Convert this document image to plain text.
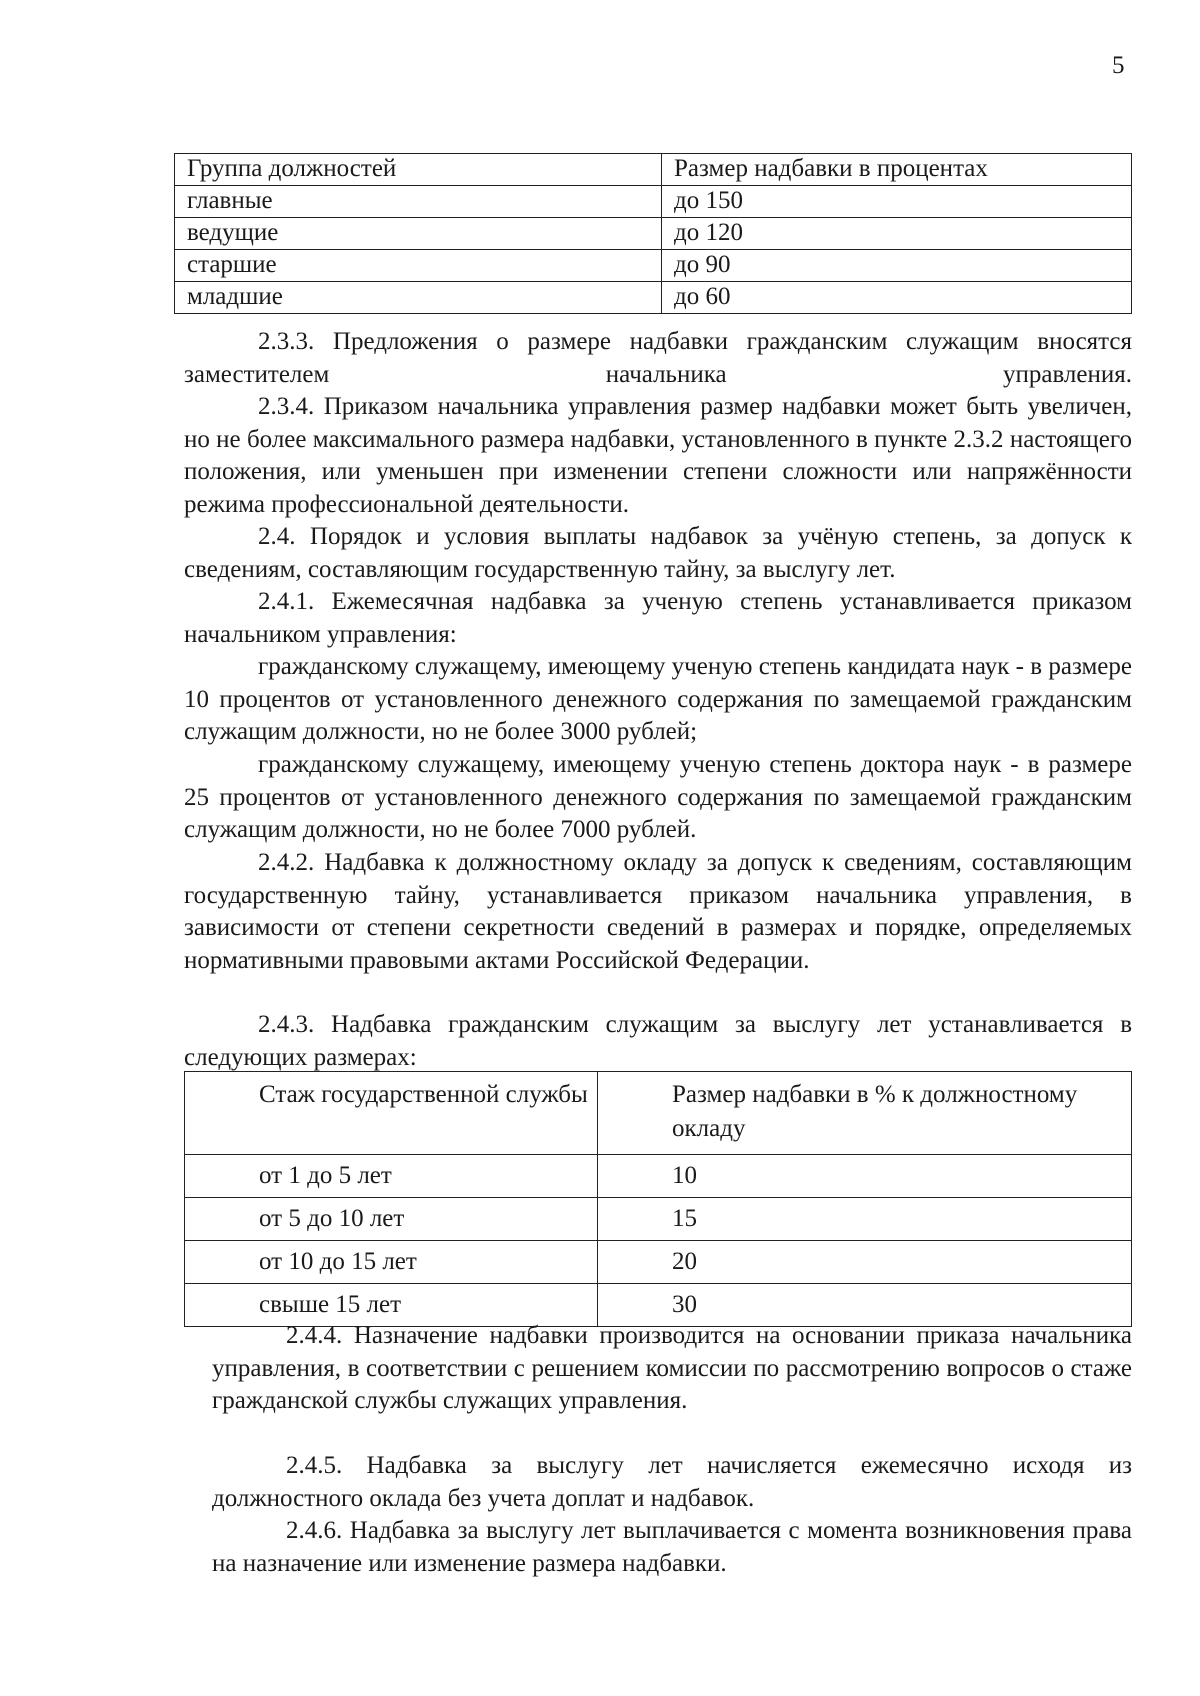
5
Группа должностей	Размер надбавки в процентах
главные	до 150
ведущие	до 120
старшие	до 90
младшие	до 60

2.3.3. Предложения о размере надбавки гражданским служащим вносятся заместителем начальника управления.

2.3.4. Приказом начальника управления размер надбавки может быть увеличен, но не более максимального размера надбавки, установленного в пункте 2.3.2 настоящего положения, или уменьшен при изменении степени сложности или напряжённости режима профессиональной деятельности.

2.4. Порядок и условия выплаты надбавок за учёную степень, за допуск к сведениям, составляющим государственную тайну, за выслугу лет.

2.4.1. Ежемесячная надбавка за ученую степень устанавливается приказом начальником управления:

гражданскому служащему, имеющему ученую степень кандидата наук - в размере 10 процентов от установленного денежного содержания по замещаемой гражданским служащим должности, но не более 3000 рублей;

гражданскому служащему, имеющему ученую степень доктора наук - в размере 25 процентов от установленного денежного содержания по замещаемой гражданским служащим должности, но не более 7000 рублей.

2.4.2. Надбавка к должностному окладу за допуск к сведениям, составляющим государственную тайну, устанавливается приказом начальника управления, в зависимости от степени секретности сведений в размерах и порядке, определяемых нормативными правовыми актами Российской Федерации.

2.4.3. Надбавка гражданским служащим за выслугу лет устанавливается в следующих размерах:

Стаж государственной службы	Размер надбавки в % к должностному окладу
от 1 до 5 лет	10
от 5 до 10 лет	15
от 10 до 15 лет	20
свыше 15 лет	30

2.4.4. Назначение надбавки производится на основании приказа начальника управления, в соответствии с решением комиссии по рассмотрению вопросов о стаже гражданской службы служащих управления.

2.4.5. Надбавка за выслугу лет начисляется ежемесячно исходя из должностного оклада без учета доплат и надбавок.

2.4.6. Надбавка за выслугу лет выплачивается с момента возникновения права на назначение или изменение размера надбавки.
